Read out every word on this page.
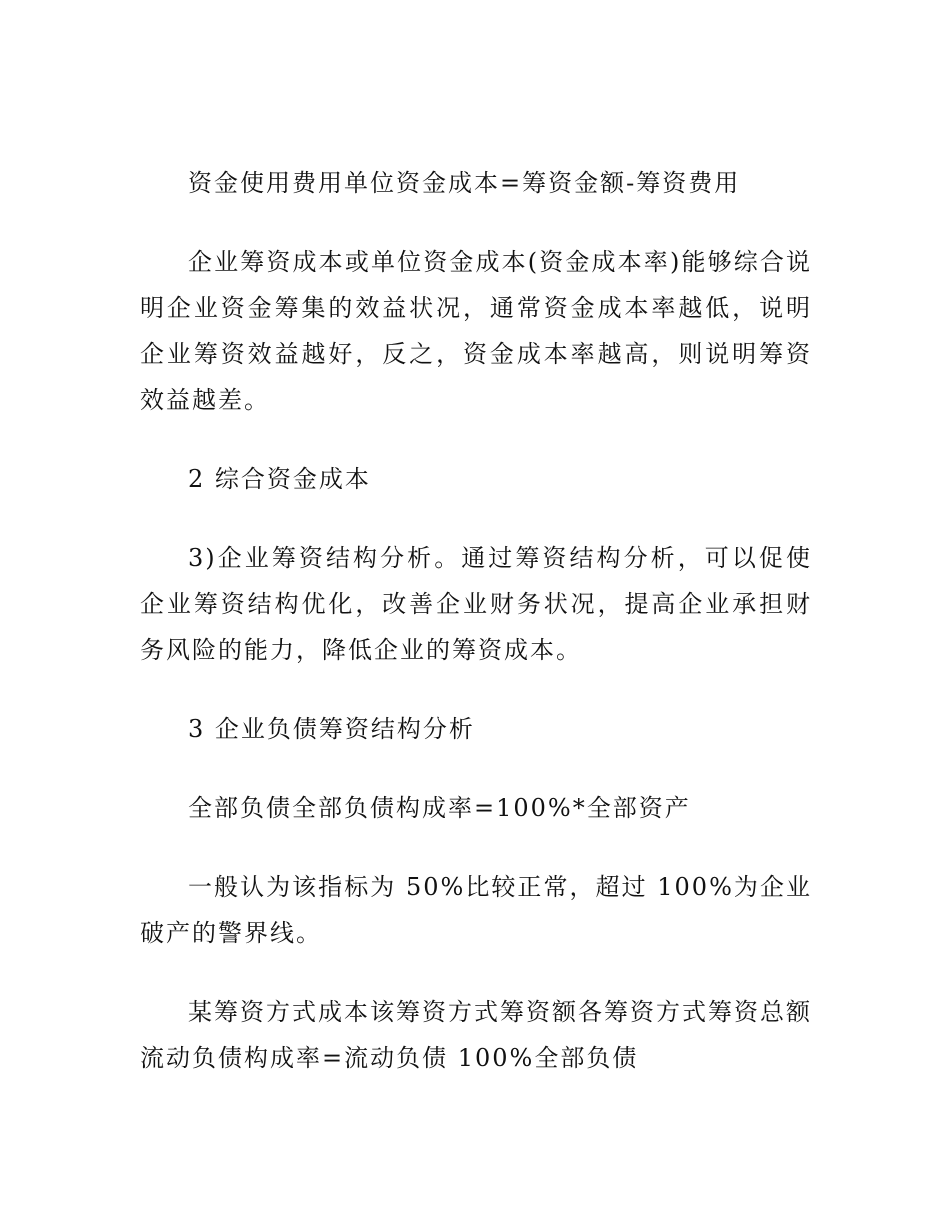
资金使用费用单位资金成本=筹资金额-筹资费用

企业筹资成本或单位资金成本(资金成本率)能够综合说明企业资金筹集的效益状况，通常资金成本率越低，说明企业筹资效益越好，反之，资金成本率越高，则说明筹资效益越差。

2 综合资金成本

3)企业筹资结构分析。通过筹资结构分析，可以促使企业筹资结构优化，改善企业财务状况，提高企业承担财务风险的能力，降低企业的筹资成本。

3 企业负债筹资结构分析

全部负债全部负债构成率=100%*全部资产

一般认为该指标为 50%比较正常，超过 100%为企业破产的警界线。

某筹资方式成本该筹资方式筹资额各筹资方式筹资总额流动负债构成率=流动负债 100%全部负债
